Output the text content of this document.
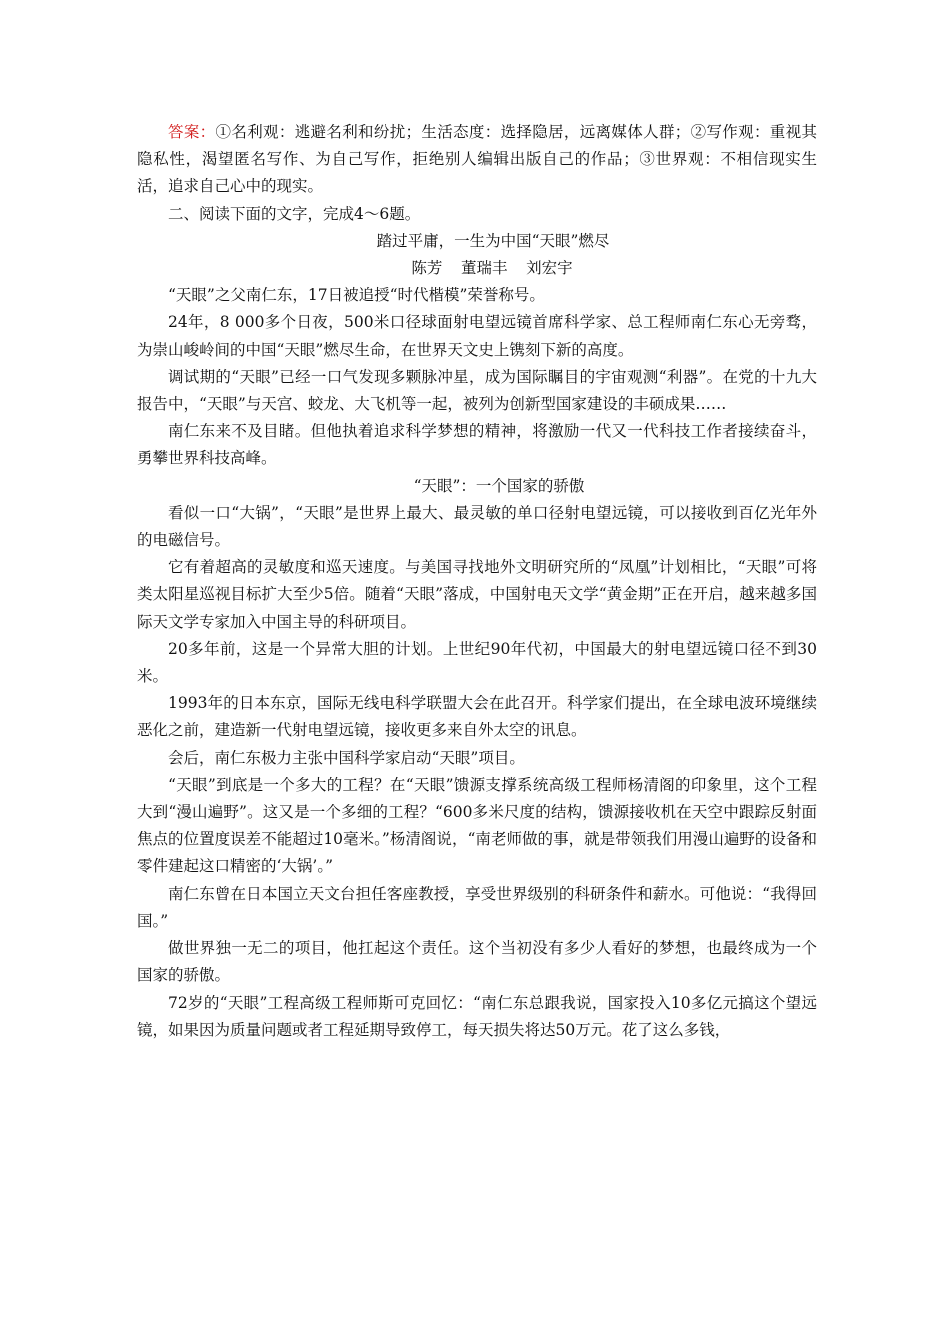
答案：①名利观：逃避名利和纷扰；生活态度：选择隐居，远离媒体人群；②写作观：重视其隐私性，渴望匿名写作、为自己写作，拒绝别人编辑出版自己的作品；③世界观：不相信现实生活，追求自己心中的现实。

二、阅读下面的文字，完成4～6题。

踏过平庸，一生为中国“天眼”燃尽

陈芳 董瑞丰 刘宏宇

“天眼”之父南仁东，17日被追授“时代楷模”荣誉称号。

24年，8 000多个日夜，500米口径球面射电望远镜首席科学家、总工程师南仁东心无旁骛，为崇山峻岭间的中国“天眼”燃尽生命，在世界天文史上镌刻下新的高度。

调试期的“天眼”已经一口气发现多颗脉冲星，成为国际瞩目的宇宙观测“利器”。在党的十九大报告中，“天眼”与天宫、蛟龙、大飞机等一起，被列为创新型国家建设的丰硕成果……

南仁东来不及目睹。但他执着追求科学梦想的精神，将激励一代又一代科技工作者接续奋斗，勇攀世界科技高峰。

“天眼”：一个国家的骄傲

看似一口“大锅”，“天眼”是世界上最大、最灵敏的单口径射电望远镜，可以接收到百亿光年外的电磁信号。

它有着超高的灵敏度和巡天速度。与美国寻找地外文明研究所的“凤凰”计划相比，“天眼”可将类太阳星巡视目标扩大至少5倍。随着“天眼”落成，中国射电天文学“黄金期”正在开启，越来越多国际天文学专家加入中国主导的科研项目。

20多年前，这是一个异常大胆的计划。上世纪90年代初，中国最大的射电望远镜口径不到30米。

1993年的日本东京，国际无线电科学联盟大会在此召开。科学家们提出，在全球电波环境继续恶化之前，建造新一代射电望远镜，接收更多来自外太空的讯息。

会后，南仁东极力主张中国科学家启动“天眼”项目。

“天眼”到底是一个多大的工程？在“天眼”馈源支撑系统高级工程师杨清阁的印象里，这个工程大到“漫山遍野”。这又是一个多细的工程？“600多米尺度的结构，馈源接收机在天空中跟踪反射面焦点的位置度误差不能超过10毫米。”杨清阁说，“南老师做的事，就是带领我们用漫山遍野的设备和零件建起这口精密的‘大锅’。”

南仁东曾在日本国立天文台担任客座教授，享受世界级别的科研条件和薪水。可他说：“我得回国。”

做世界独一无二的项目，他扛起这个责任。这个当初没有多少人看好的梦想，也最终成为一个国家的骄傲。

72岁的“天眼”工程高级工程师斯可克回忆：“南仁东总跟我说，国家投入10多亿元搞这个望远镜，如果因为质量问题或者工程延期导致停工，每天损失将达50万元。花了这么多钱，
